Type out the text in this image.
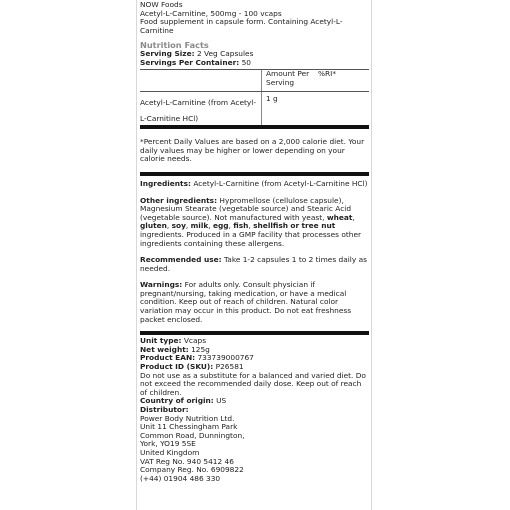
NOW Foods
Acetyl-L-Carnitine, 500mg - 100 vcaps
Food supplement in capsule form. Containing Acetyl-L-Carnitine
Nutrition Facts
Serving Size: 2 Veg Capsules
Servings Per Container: 50
Amount Per Serving
%RI*
Acetyl-L-Carnitine (from Acetyl-L-Carnitine HCl)
1 g
*Percent Daily Values are based on a 2,000 calorie diet. Your daily values may be higher or lower depending on your calorie needs.

Ingredients: Acetyl-L-Carnitine (from Acetyl-L-Carnitine HCl)

Other ingredients: Hypromellose (cellulose capsule), Magnesium Stearate (vegetable source) and Stearic Acid (vegetable source). Not manufactured with yeast, wheat, gluten, soy, milk, egg, fish, shellfish or tree nut ingredients. Produced in a GMP facility that processes other ingredients containing these allergens.

Recommended use: Take 1-2 capsules 1 to 2 times daily as needed.

Warnings: For adults only. Consult physician if pregnant/nursing, taking medication, or have a medical condition. Keep out of reach of children. Natural color variation may occur in this product. Do not eat freshness packet enclosed.

Unit type: Vcaps
Net weight: 125g
Product EAN: 733739000767
Product ID (SKU): P26581
Do not use as a substitute for a balanced and varied diet. Do not exceed the recommended daily dose. Keep out of reach of children.
Country of origin: US
Distributor:
Power Body Nutrition Ltd.
Unit 11 Chessingham Park
Common Road, Dunnington,
York, YO19 5SE
United Kingdom
VAT Reg No. 940 5412 46
Company Reg. No. 6909822
(+44) 01904 486 330
